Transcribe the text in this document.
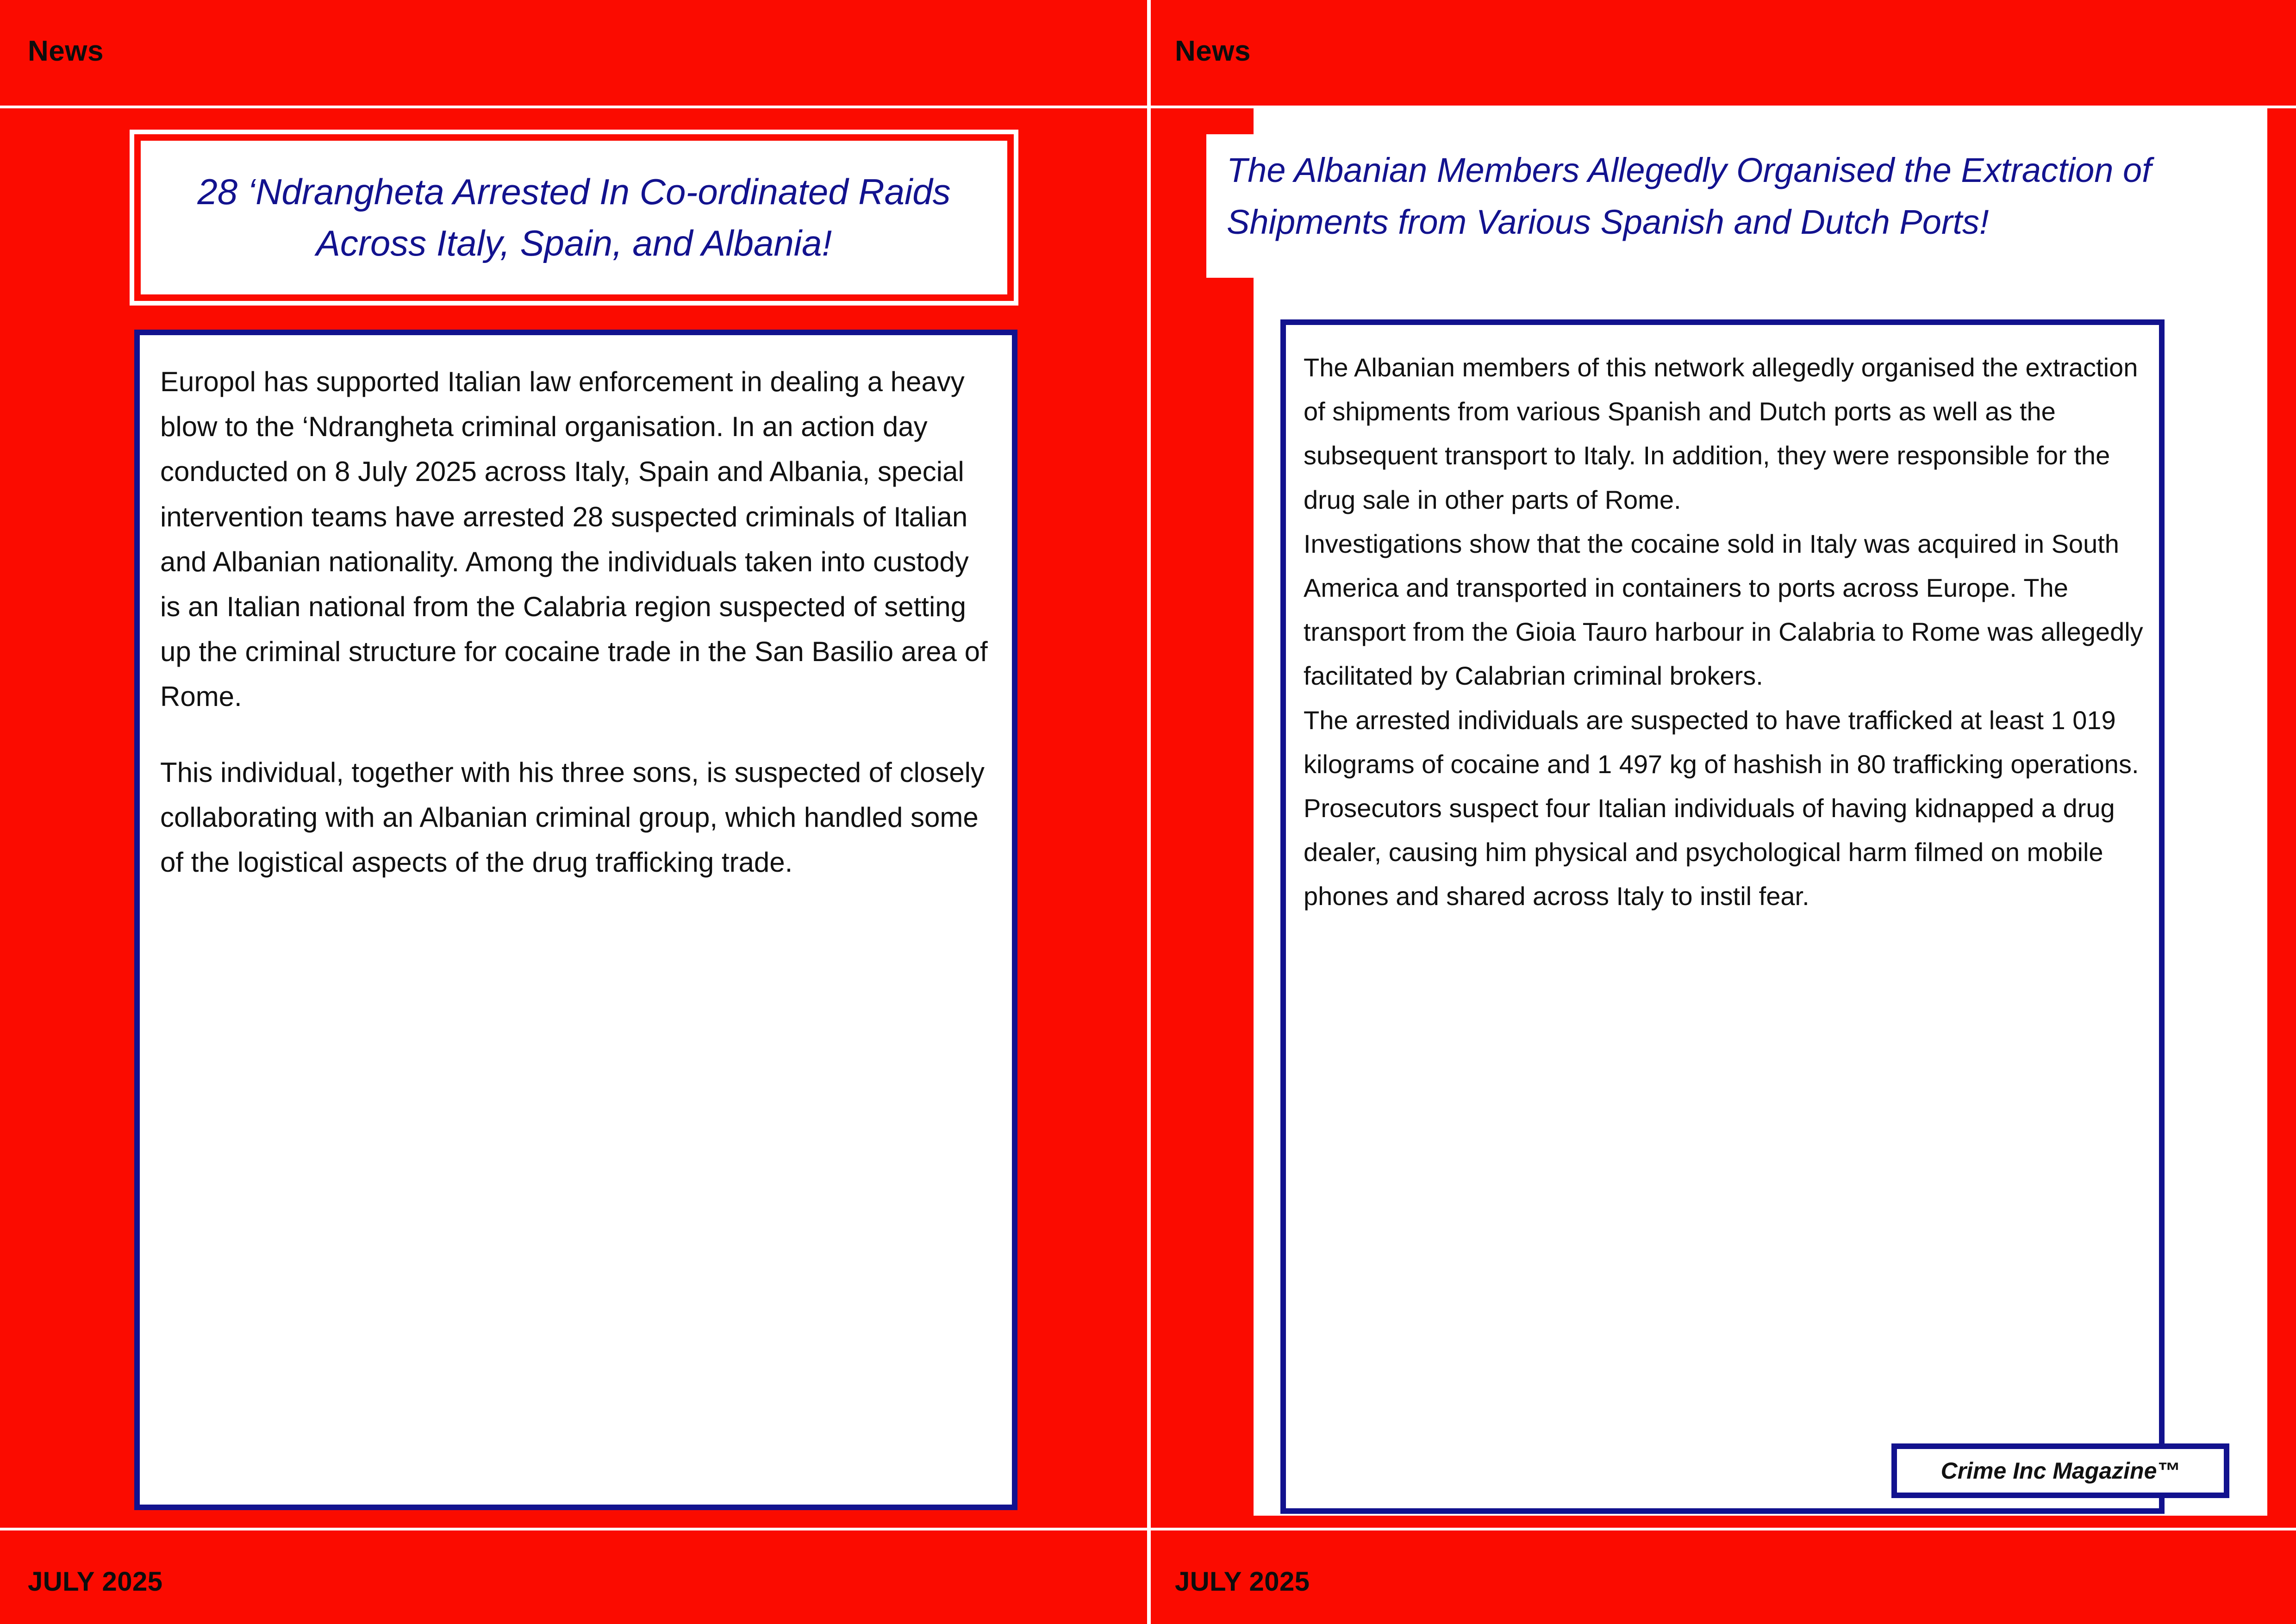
News
28 ‘Ndrangheta Arrested In Co-ordinated Raids Across Italy, Spain, and Albania!

Europol has supported Italian law enforcement in dealing a heavy blow to the ‘Ndrangheta criminal organisation. In an action day conducted on 8 July 2025 across Italy, Spain and Albania, special intervention teams have arrested 28 suspected criminals of Italian and Albanian nationality. Among the individuals taken into custody is an Italian national from the Calabria region suspected of setting up the criminal structure for cocaine trade in the San Basilio area of Rome.

This individual, together with his three sons, is suspected of closely collaborating with an Albanian criminal group, which handled some of the logistical aspects of the drug trafficking trade.

JULY 2025
News
The Albanian Members Allegedly Organised the Extraction of Shipments from Various Spanish and Dutch Ports!

The Albanian members of this network allegedly organised the extraction of shipments from various Spanish and Dutch ports as well as the subsequent transport to Italy. In addition, they were responsible for the drug sale in other parts of Rome.

Investigations show that the cocaine sold in Italy was acquired in South America and transported in containers to ports across Europe. The transport from the Gioia Tauro harbour in Calabria to Rome was allegedly facilitated by Calabrian criminal brokers.

The arrested individuals are suspected to have trafficked at least 1 019 kilograms of cocaine and 1 497 kg of hashish in 80 trafficking operations. Prosecutors suspect four Italian individuals of having kidnapped a drug dealer, causing him physical and psychological harm filmed on mobile phones and shared across Italy to instil fear.

Crime Inc Magazine™
JULY 2025
